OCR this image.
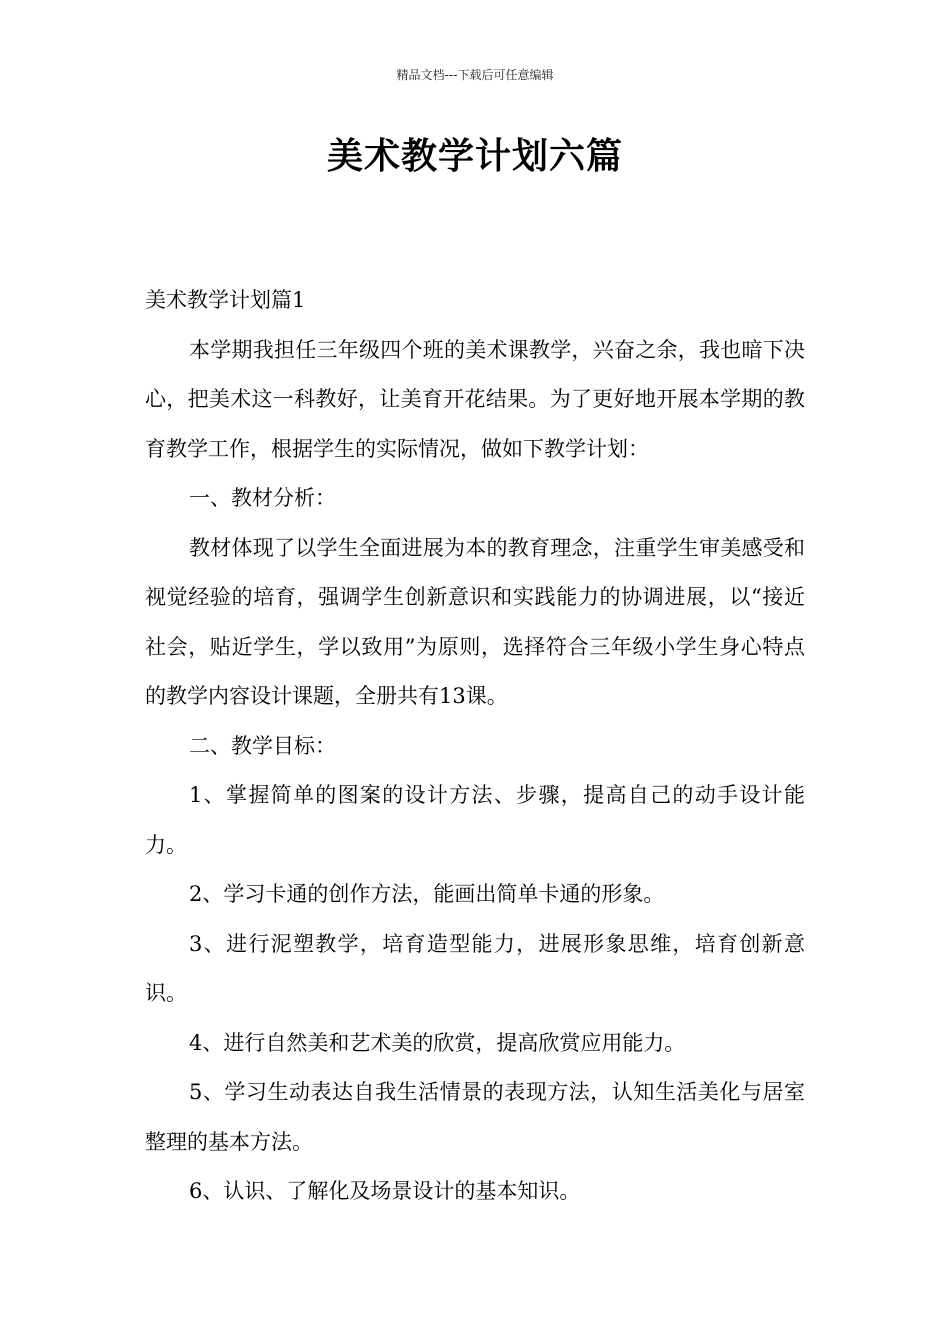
精品文档---下载后可任意编辑
美术教学计划六篇

美术教学计划篇1

本学期我担任三年级四个班的美术课教学，兴奋之余，我也暗下决心，把美术这一科教好，让美育开花结果。为了更好地开展本学期的教育教学工作，根据学生的实际情况，做如下教学计划：

一、教材分析：

教材体现了以学生全面进展为本的教育理念，注重学生审美感受和视觉经验的培育，强调学生创新意识和实践能力的协调进展，以“接近社会，贴近学生，学以致用”为原则，选择符合三年级小学生身心特点的教学内容设计课题，全册共有13课。

二、教学目标：

1、掌握简单的图案的设计方法、步骤，提高自己的动手设计能力。

2、学习卡通的创作方法，能画出简单卡通的形象。

3、进行泥塑教学，培育造型能力，进展形象思维，培育创新意识。

4、进行自然美和艺术美的欣赏，提高欣赏应用能力。

5、学习生动表达自我生活情景的表现方法，认知生活美化与居室整理的基本方法。

6、认识、了解化及场景设计的基本知识。
